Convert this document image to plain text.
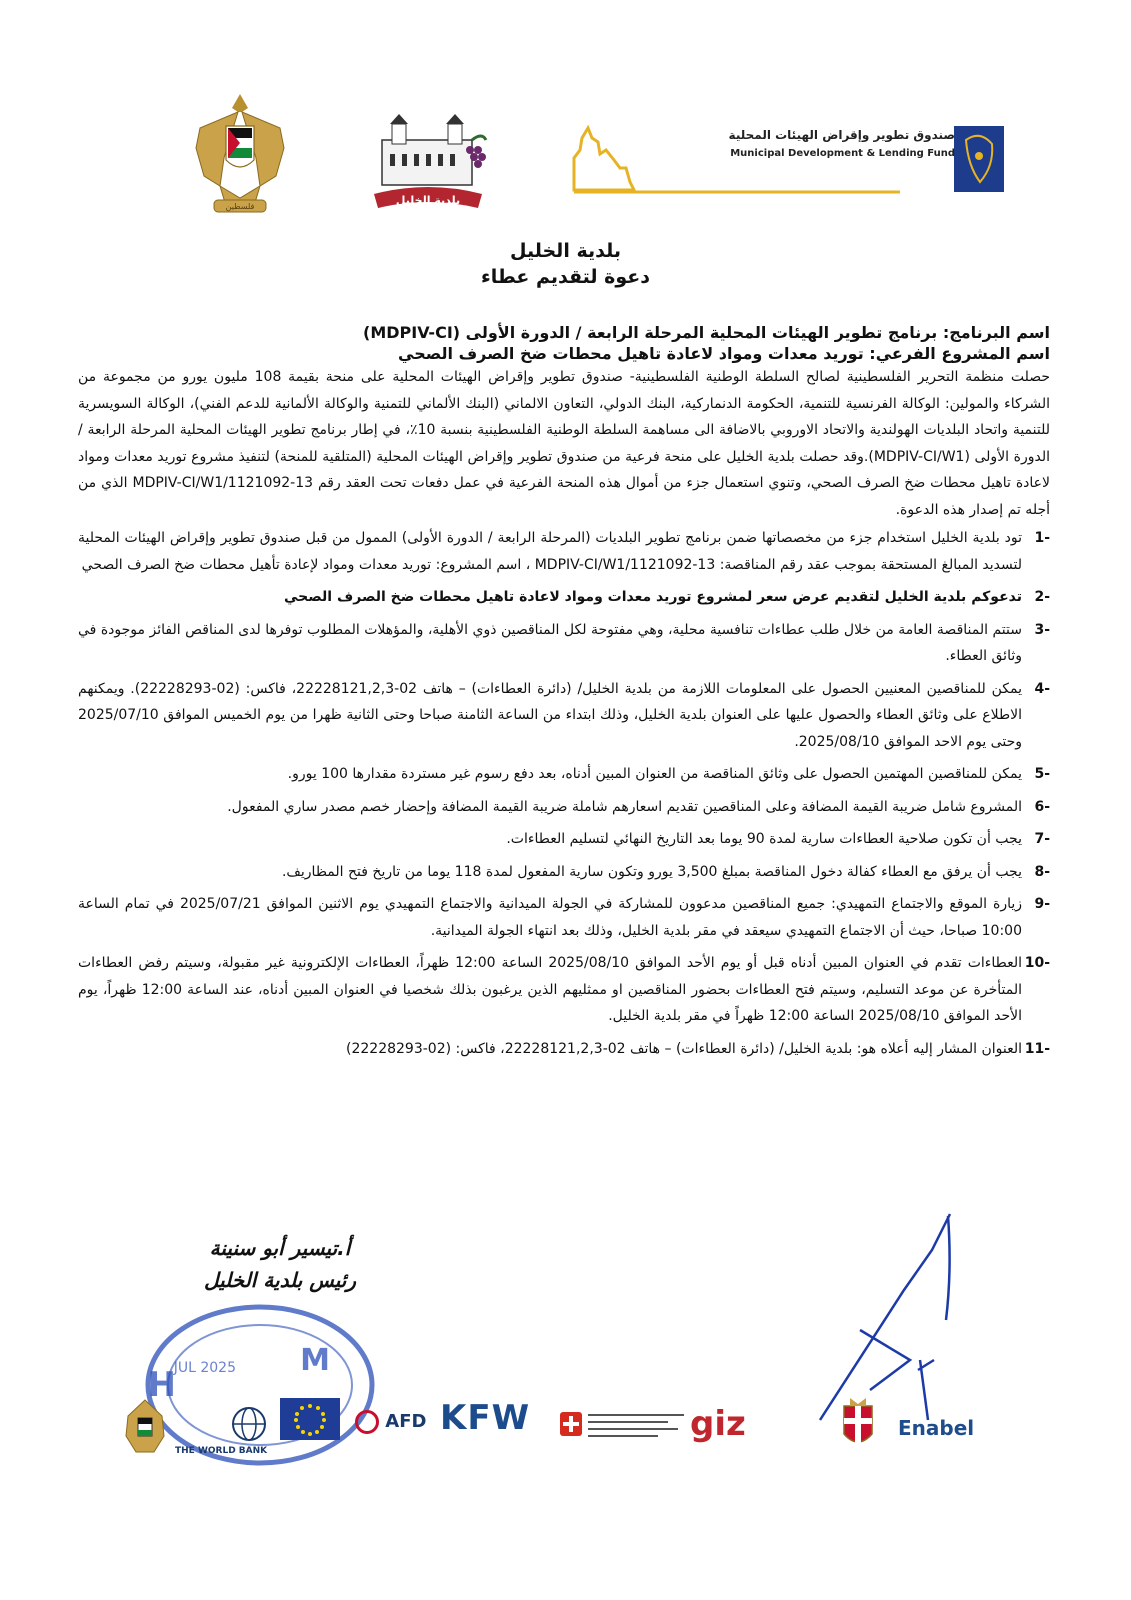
فلسطين	بلدية الخليل
صندوق تطوير وإقراض الهيئات المحلية
Municipal Development & Lending Fund
بلدية الخليل
دعوة لتقديم عطاء

اسم البرنامج: برنامج تطوير الهيئات المحلية المرحلة الرابعة / الدورة الأولى (MDPIV-CI)

اسم المشروع الفرعي: توريد معدات ومواد لاعادة تاهيل محطات ضخ الصرف الصحي

حصلت منظمة التحرير الفلسطينية لصالح السلطة الوطنية الفلسطينية- صندوق تطوير وإقراض الهيئات المحلية على منحة بقيمة 108 مليون يورو من مجموعة من الشركاء والمولين: الوكالة الفرنسية للتنمية، الحكومة الدنماركية، البنك الدولي، التعاون الالماني (البنك الألماني للتمنية والوكالة الألمانية للدعم الفني)، الوكالة السويسرية للتنمية واتحاد البلديات الهولندية والاتحاد الاوروبي بالاضافة الى مساهمة السلطة الوطنية الفلسطينية بنسبة 10٪، في إطار برنامج تطوير الهيئات المحلية المرحلة الرابعة / الدورة الأولى (MDPIV-CI/W1).وقد حصلت بلدية الخليل على منحة فرعية من صندوق تطوير وإقراض الهيئات المحلية (المتلقية للمنحة) لتنفيذ مشروع توريد معدات ومواد لاعادة تاهيل محطات ضخ الصرف الصحي، وتنوي استعمال جزء من أموال هذه المنحة الفرعية في عمل دفعات تحت العقد رقم MDPIV-CI/W1/1121092-13 الذي من أجله تم إصدار هذه الدعوة.

-1
تود بلدية الخليل استخدام جزء من مخصصاتها ضمن برنامج تطوير البلديات (المرحلة الرابعة / الدورة الأولى) الممول من قبل صندوق تطوير وإقراض الهيئات المحلية لتسديد المبالغ المستحقة بموجب عقد رقم المناقصة: MDPIV-CI/W1/1121092-13 ، اسم المشروع: توريد معدات ومواد لإعادة تأهيل محطات ضخ الصرف الصحي
-2
تدعوكم بلدية الخليل لتقديم عرض سعر لمشروع توريد معدات ومواد لاعادة تاهيل محطات ضخ الصرف الصحي
-3
ستتم المناقصة العامة من خلال طلب عطاءات تنافسية محلية، وهي مفتوحة لكل المناقصين ذوي الأهلية، والمؤهلات المطلوب توفرها لدى المناقص الفائز موجودة في وثائق العطاء.
-4
يمكن للمناقصين المعنيين الحصول على المعلومات اللازمة من بلدية الخليل/ (دائرة العطاءات) – هاتف 02-22228121,2,3، فاكس: (02-22228293). ويمكنهم الاطلاع على وثائق العطاء والحصول عليها على العنوان بلدية الخليل، وذلك ابتداء من الساعة الثامنة صباحا وحتى الثانية ظهرا من يوم الخميس الموافق 2025/07/10 وحتى يوم الاحد الموافق 2025/08/10.
-5
يمكن للمناقصين المهتمين الحصول على وثائق المناقصة من العنوان المبين أدناه، بعد دفع رسوم غير مستردة مقدارها 100 يورو.
-6
المشروع شامل ضريبة القيمة المضافة وعلى المناقصين تقديم اسعارهم شاملة ضريبة القيمة المضافة وإحضار خصم مصدر ساري المفعول.
-7
يجب أن تكون صلاحية العطاءات سارية لمدة 90 يوما بعد التاريخ النهائي لتسليم العطاءات.
-8
يجب أن يرفق مع العطاء كفالة دخول المناقصة بمبلغ 3,500 يورو وتكون سارية المفعول لمدة 118 يوما من تاريخ فتح المظاريف.
-9
زيارة الموقع والاجتماع التمهيدي: جميع المناقصين مدعوون للمشاركة في الجولة الميدانية والاجتماع التمهيدي يوم الاثنين الموافق 2025/07/21 في تمام الساعة 10:00 صباحا، حيث أن الاجتماع التمهيدي سيعقد في مقر بلدية الخليل، وذلك بعد انتهاء الجولة الميدانية.
-10
العطاءات تقدم في العنوان المبين أدناه قبل أو يوم الأحد الموافق 2025/08/10 الساعة 12:00 ظهراً، العطاءات الإلكترونية غير مقبولة، وسيتم رفض العطاءات المتأخرة عن موعد التسليم، وسيتم فتح العطاءات بحضور المناقصين او ممثليهم الذين يرغبون بذلك شخصيا في العنوان المبين أدناه، عند الساعة 12:00 ظهراً، يوم الأحد الموافق 2025/08/10 الساعة 12:00 ظهراً في مقر بلدية الخليل.
-11
العنوان المشار إليه أعلاه هو: بلدية الخليل/ (دائرة العطاءات) – هاتف 02-22228121,2,3، فاكس: (02-22228293)
H
M
2025 JUL
أ.تيسير أبو سنينة
رئيس بلدية الخليل
THE WORLD BANK
AFD KFW	giz	Enabel
